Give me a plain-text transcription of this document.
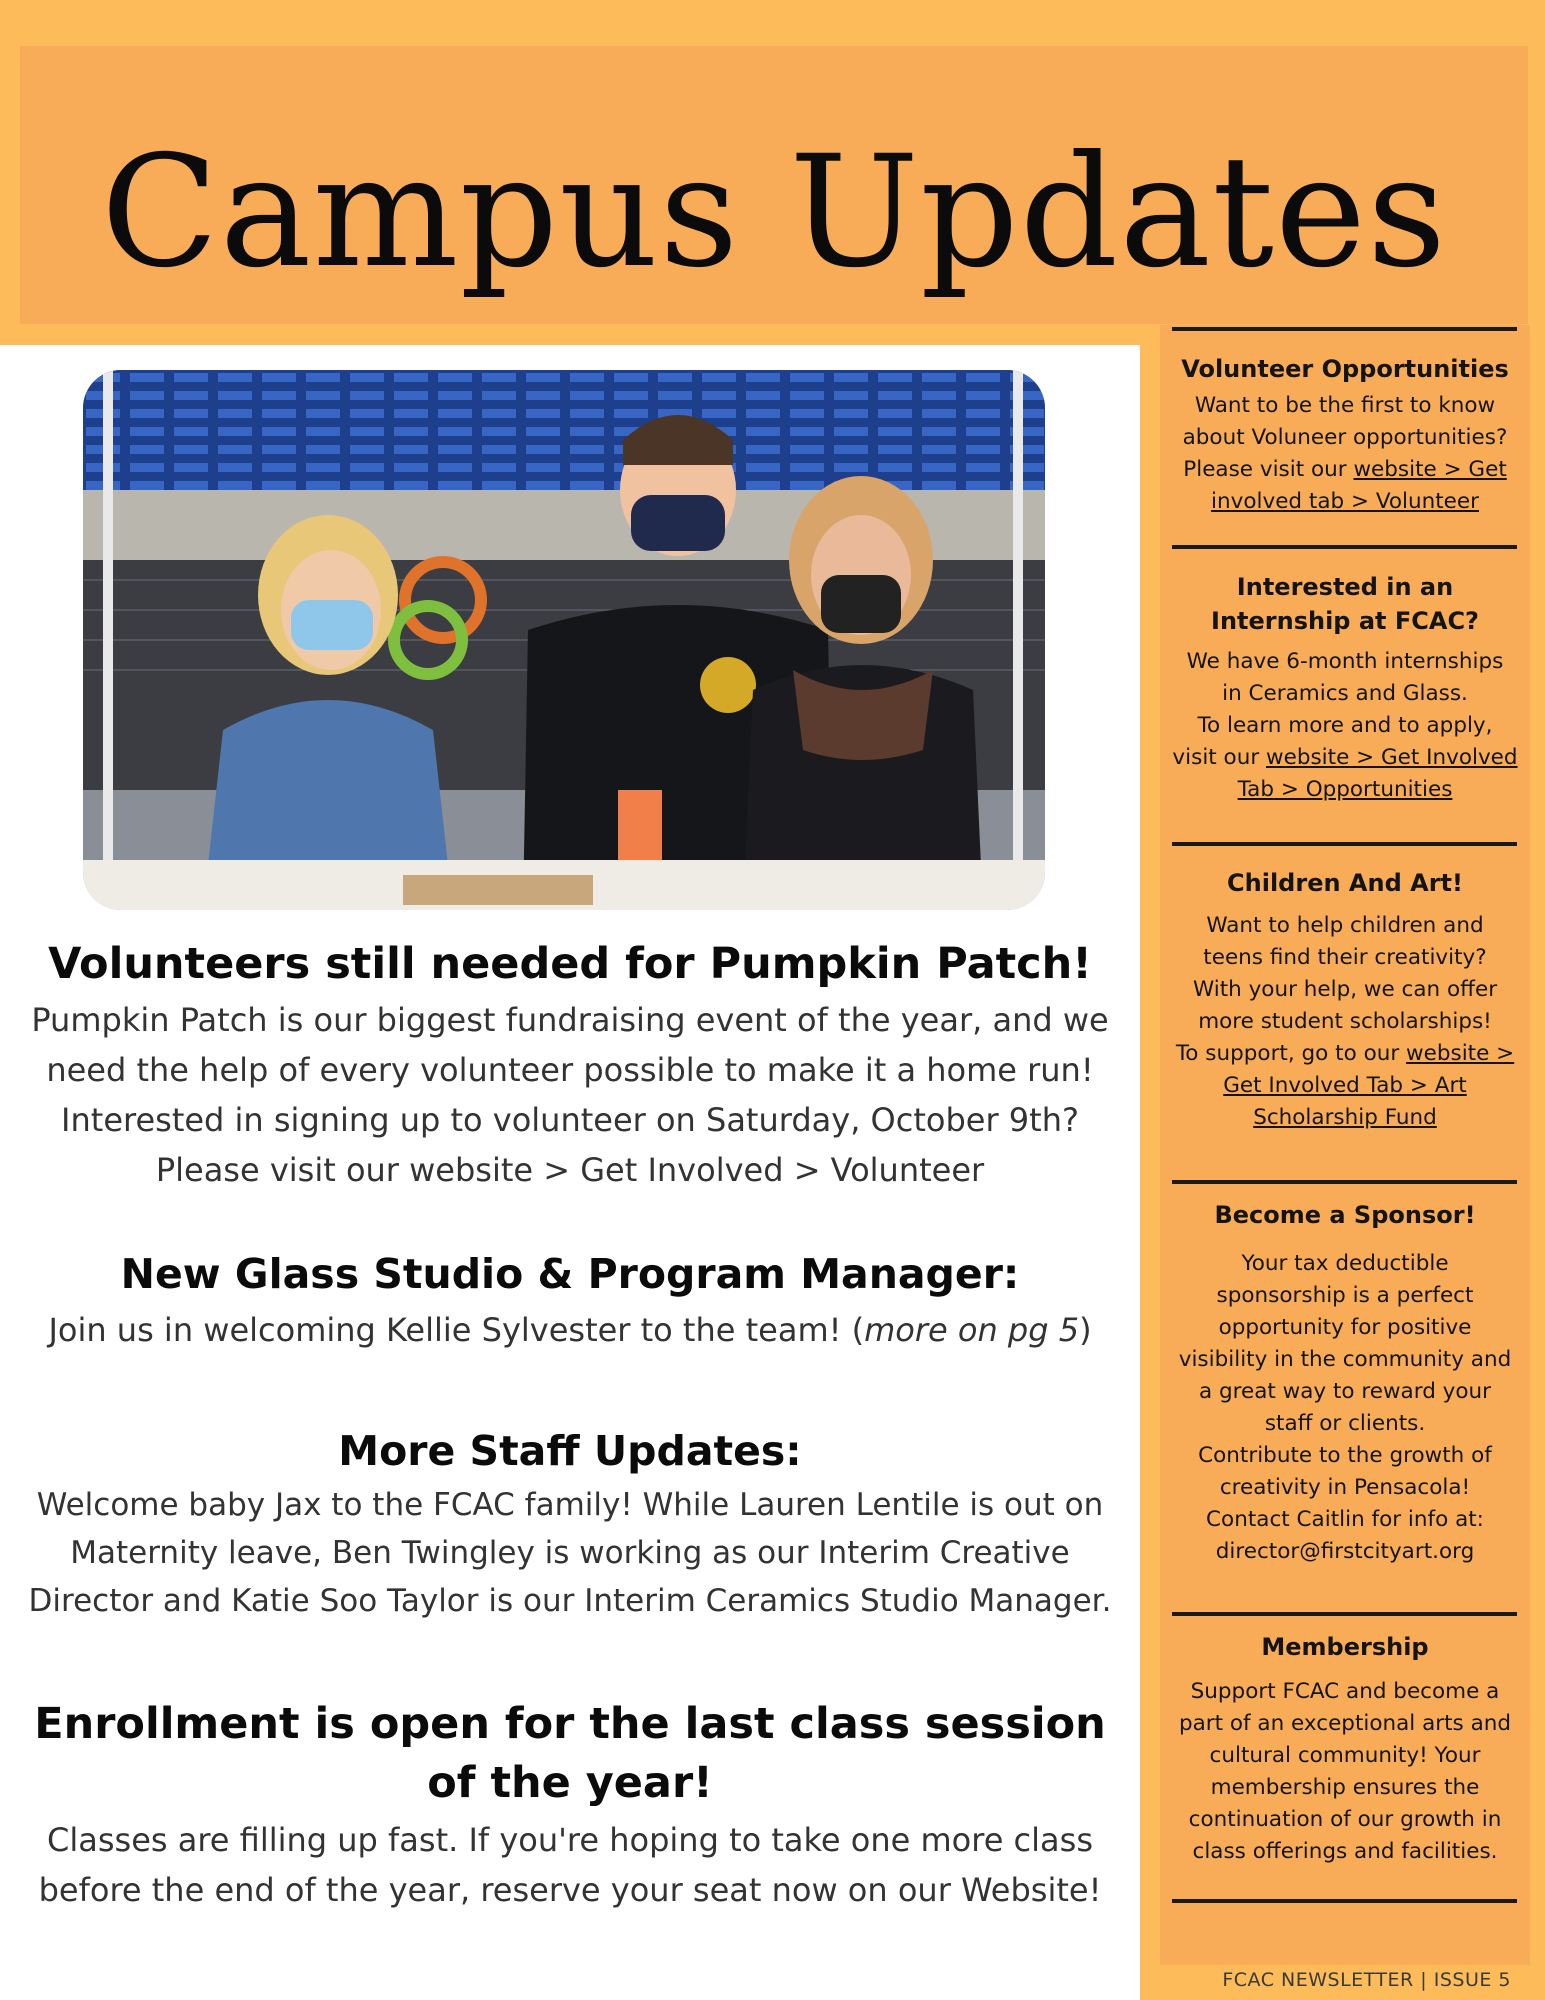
Campus Updates
Volunteers still needed for Pumpkin Patch!

Pumpkin Patch is our biggest fundraising event of the year, and we
need the help of every volunteer possible to make it a home run!
Interested in signing up to volunteer on Saturday, October 9th?
Please visit our website > Get Involved > Volunteer

New Glass Studio & Program Manager:

Join us in welcoming Kellie Sylvester to the team! (more on pg 5)

More Staff Updates:

Welcome baby Jax to the FCAC family! While Lauren Lentile is out on
Maternity leave, Ben Twingley is working as our Interim Creative
Director and Katie Soo Taylor is our Interim Ceramics Studio Manager.

Enrollment is open for the last class session
of the year!

Classes are filling up fast. If you're hoping to take one more class
before the end of the year, reserve your seat now on our Website!

Volunteer Opportunities

Want to be the first to know
about Voluneer opportunities?
Please visit our website > Get
involved tab > Volunteer

Interested in an
Internship at FCAC?

We have 6-month internships
in Ceramics and Glass.
To learn more and to apply,
visit our website > Get Involved
Tab > Opportunities

Children And Art!

Want to help children and
teens find their creativity?
With your help, we can offer
more student scholarships!
To support, go to our website >
Get Involved Tab > Art
Scholarship Fund

Become a Sponsor!

Your tax deductible
sponsorship is a perfect
opportunity for positive
visibility in the community and
a great way to reward your
staff or clients.
Contribute to the growth of
creativity in Pensacola!
Contact Caitlin for info at:
director@firstcityart.org

Membership

Support FCAC and become a
part of an exceptional arts and
cultural community! Your
membership ensures the
continuation of our growth in
class offerings and facilities.

FCAC NEWSLETTER | ISSUE 5
